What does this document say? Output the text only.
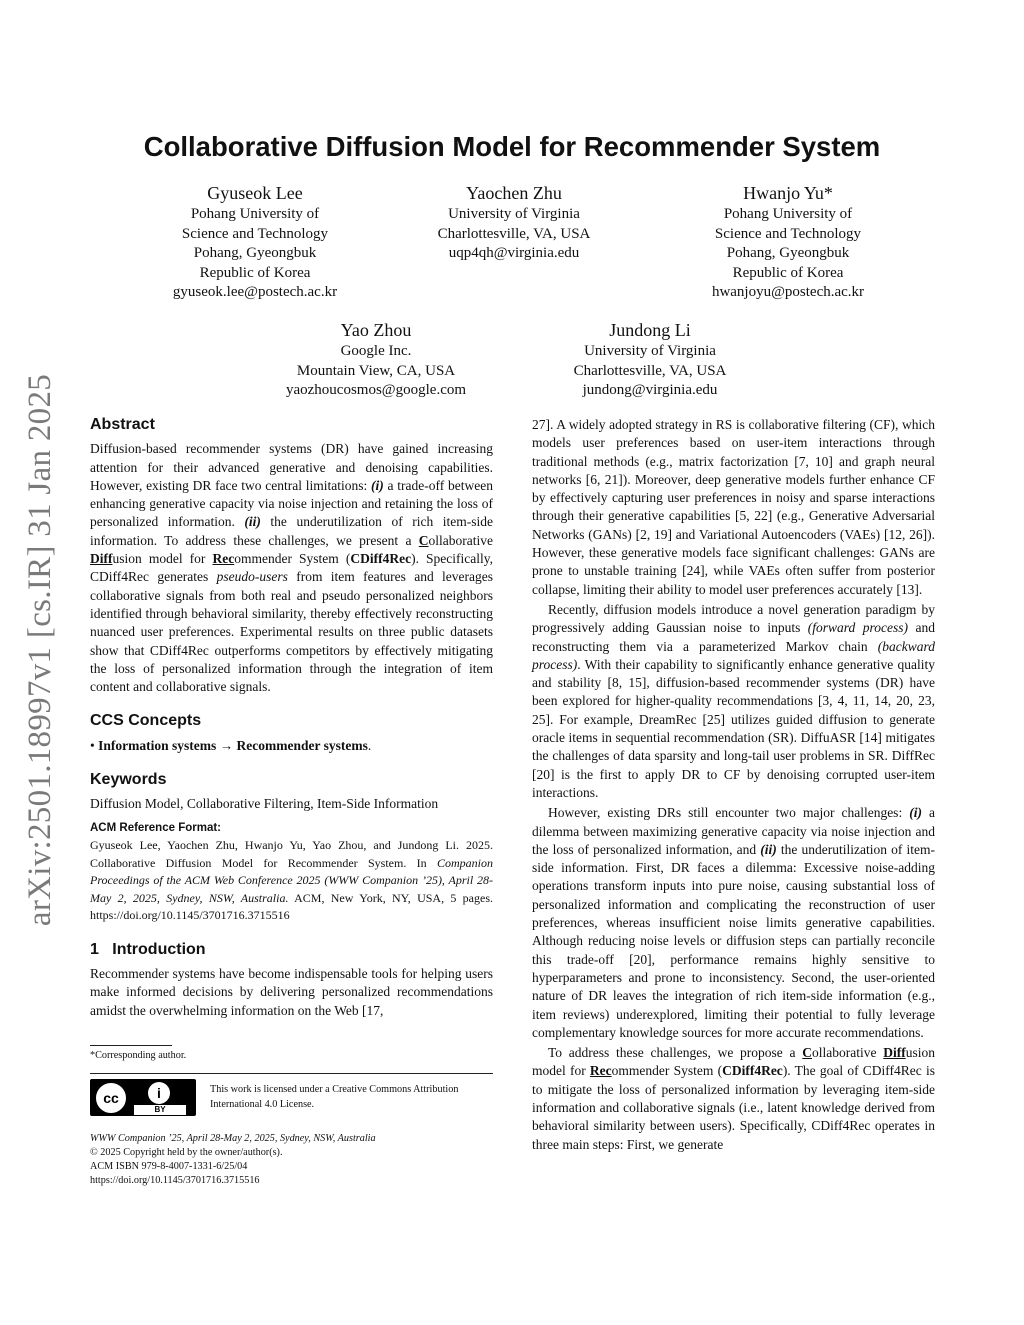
arXiv:2501.18997v1 [cs.IR] 31 Jan 2025
Collaborative Diffusion Model for Recommender System
Gyuseok Lee
Pohang University of
Science and Technology
Pohang, Gyeongbuk
Republic of Korea
gyuseok.lee@postech.ac.kr
Yaochen Zhu
University of Virginia
Charlottesville, VA, USA
uqp4qh@virginia.edu
Hwanjo Yu*
Pohang University of
Science and Technology
Pohang, Gyeongbuk
Republic of Korea
hwanjoyu@postech.ac.kr
Yao Zhou
Google Inc.
Mountain View, CA, USA
yaozhoucosmos@google.com
Jundong Li
University of Virginia
Charlottesville, VA, USA
jundong@virginia.edu
Abstract

Diffusion-based recommender systems (DR) have gained increasing attention for their advanced generative and denoising capabilities. However, existing DR face two central limitations: (i) a trade-off between enhancing generative capacity via noise injection and retaining the loss of personalized information. (ii) the underutilization of rich item-side information. To address these challenges, we present a Collaborative Diffusion model for Recommender System (CDiff4Rec). Specifically, CDiff4Rec generates pseudo-users from item features and leverages collaborative signals from both real and pseudo personalized neighbors identified through behavioral similarity, thereby effectively reconstructing nuanced user preferences. Experimental results on three public datasets show that CDiff4Rec outperforms competitors by effectively mitigating the loss of personalized information through the integration of item content and collaborative signals.

CCS Concepts

• Information systems → Recommender systems.

Keywords

Diffusion Model, Collaborative Filtering, Item-Side Information

ACM Reference Format:

Gyuseok Lee, Yaochen Zhu, Hwanjo Yu, Yao Zhou, and Jundong Li. 2025. Collaborative Diffusion Model for Recommender System. In Companion Proceedings of the ACM Web Conference 2025 (WWW Companion ’25), April 28-May 2, 2025, Sydney, NSW, Australia. ACM, New York, NY, USA, 5 pages. https://doi.org/10.1145/3701716.3715516

1 Introduction

Recommender systems have become indispensable tools for helping users make informed decisions by delivering personalized recommendations amidst the overwhelming information on the Web [17,

*Corresponding author.
cc	i
BY
This work is licensed under a Creative Commons Attribution International 4.0 License.
WWW Companion ’25, April 28-May 2, 2025, Sydney, NSW, Australia
© 2025 Copyright held by the owner/author(s).
ACM ISBN 979-8-4007-1331-6/25/04
https://doi.org/10.1145/3701716.3715516

27]. A widely adopted strategy in RS is collaborative filtering (CF), which models user preferences based on user-item interactions through traditional methods (e.g., matrix factorization [7, 10] and graph neural networks [6, 21]). Moreover, deep generative models further enhance CF by effectively capturing user preferences in noisy and sparse interactions through their generative capabilities [5, 22] (e.g., Generative Adversarial Networks (GANs) [2, 19] and Variational Autoencoders (VAEs) [12, 26]). However, these generative models face significant challenges: GANs are prone to unstable training [24], while VAEs often suffer from posterior collapse, limiting their ability to model user preferences accurately [13].

Recently, diffusion models introduce a novel generation paradigm by progressively adding Gaussian noise to inputs (forward process) and reconstructing them via a parameterized Markov chain (backward process). With their capability to significantly enhance generative quality and stability [8, 15], diffusion-based recommender systems (DR) have been explored for higher-quality recommendations [3, 4, 11, 14, 20, 23, 25]. For example, DreamRec [25] utilizes guided diffusion to generate oracle items in sequential recommendation (SR). DiffuASR [14] mitigates the challenges of data sparsity and long-tail user problems in SR. DiffRec [20] is the first to apply DR to CF by denoising corrupted user-item interactions.

However, existing DRs still encounter two major challenges: (i) a dilemma between maximizing generative capacity via noise injection and the loss of personalized information, and (ii) the underutilization of item-side information. First, DR faces a dilemma: Excessive noise-adding operations transform inputs into pure noise, causing substantial loss of personalized information and complicating the reconstruction of user preferences, whereas insufficient noise limits generative capabilities. Although reducing noise levels or diffusion steps can partially reconcile this trade-off [20], performance remains highly sensitive to hyperparameters and prone to inconsistency. Second, the user-oriented nature of DR leaves the integration of rich item-side information (e.g., item reviews) underexplored, limiting their potential to fully leverage complementary knowledge sources for more accurate recommendations.

To address these challenges, we propose a Collaborative Diffusion model for Recommender System (CDiff4Rec). The goal of CDiff4Rec is to mitigate the loss of personalized information by leveraging item-side information and collaborative signals (i.e., latent knowledge derived from behavioral similarity between users). Specifically, CDiff4Rec operates in three main steps: First, we generate
